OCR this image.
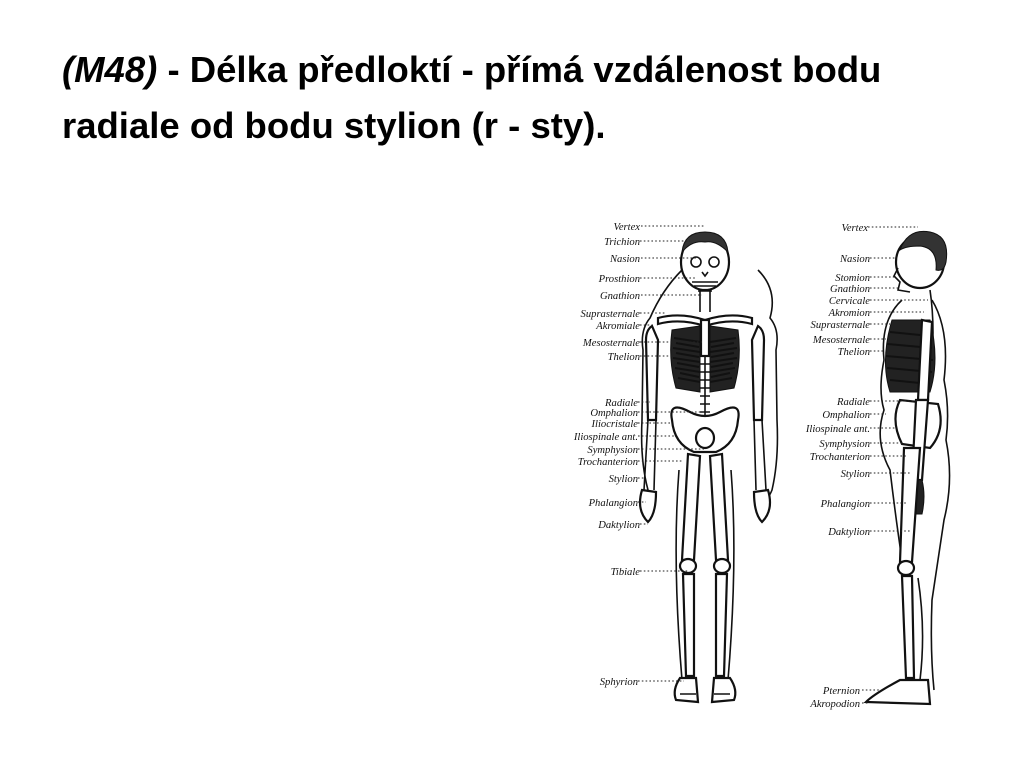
(M48) - Délka předloktí - přímá vzdálenost bodu radiale od bodu stylion (r - sty).
Vertex
Trichion
Nasion
Prosthion
Gnathion
Suprasternale
Akromiale
Mesosternale
Thelion
Radiale
Omphalion
Iliocristale
Iliospinale ant.
Symphysion
Trochanterion
Stylion
Phalangion
Daktylion
Tibiale
Sphyrion
Vertex
Nasion
Stomion
Gnathion
Cervicale
Akromion
Suprasternale
Mesosternale
Thelion
Radiale
Omphalion
Iliospinale ant.
Symphysion
Trochanterion
Stylion
Phalangion
Daktylion
Pternion
Akropodion
